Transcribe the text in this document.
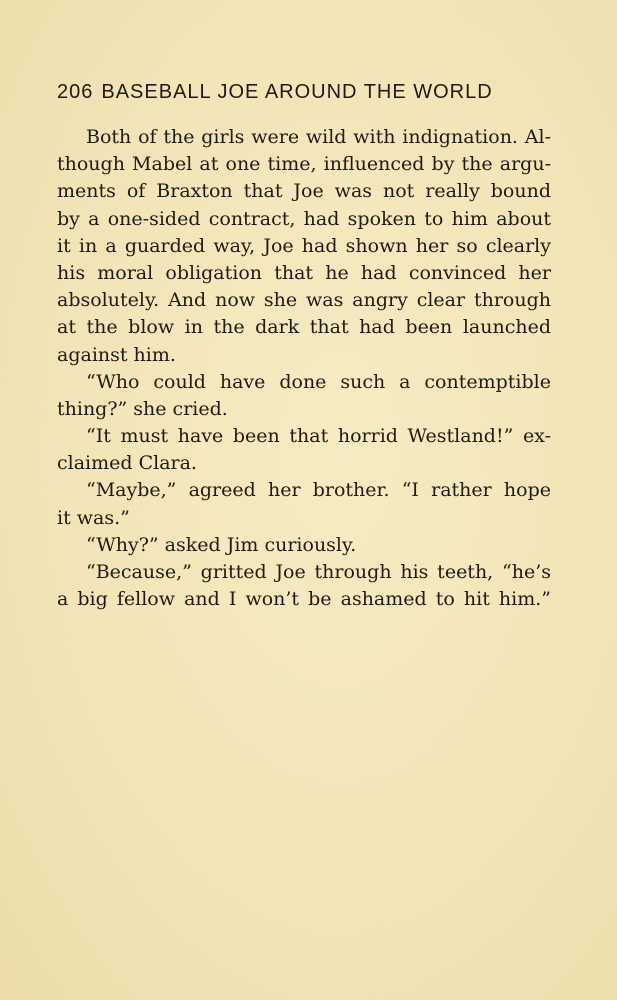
206 BASEBALL JOE AROUND THE WORLD
Both of the girls were wild with indignation. Al-
though Mabel at one time, influenced by the argu-
ments of Braxton that Joe was not really bound
by a one-sided contract, had spoken to him about
it in a guarded way, Joe had shown her so clearly
his moral obligation that he had convinced her
absolutely. And now she was angry clear through
at the blow in the dark that had been launched
against him.
“Who could have done such a contemptible
thing?” she cried.
“It must have been that horrid Westland!” ex-
claimed Clara.
“Maybe,” agreed her brother. “I rather hope
it was.”
“Why?” asked Jim curiously.
“Because,” gritted Joe through his teeth, “he’s
a big fellow and I won’t be ashamed to hit him.”
